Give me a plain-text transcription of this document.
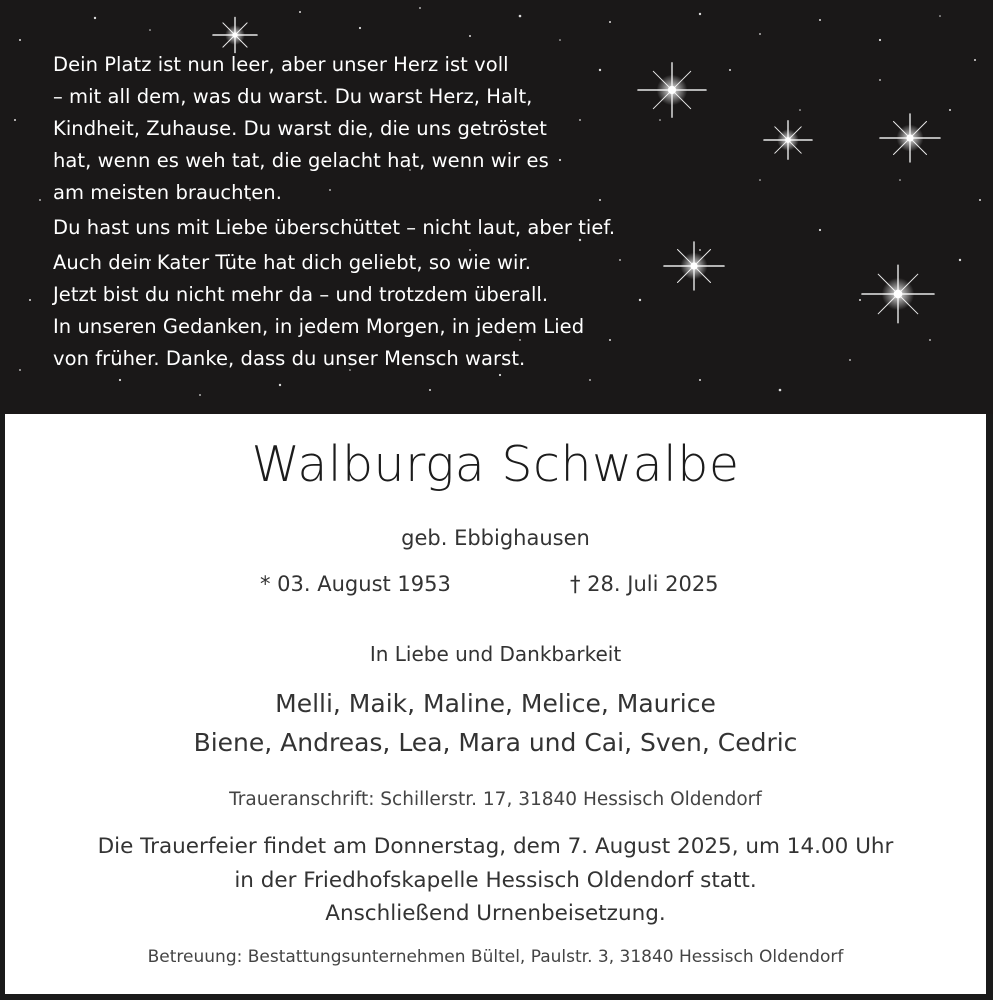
Dein Platz ist nun leer, aber unser Herz ist voll

– mit all dem, was du warst. Du warst Herz, Halt,

Kindheit, Zuhause. Du warst die, die uns getröstet

hat, wenn es weh tat, die gelacht hat, wenn wir es

am meisten brauchten.

Du hast uns mit Liebe überschüttet – nicht laut, aber tief.

Auch dein Kater Tüte hat dich geliebt, so wie wir.

Jetzt bist du nicht mehr da – und trotzdem überall.

In unseren Gedanken, in jedem Morgen, in jedem Lied

von früher. Danke, dass du unser Mensch warst.

Walburga Schwalbe
geb. Ebbighausen
* 03. August 1953	† 28. Juli 2025
In Liebe und Dankbarkeit
Melli, Maik, Maline, Melice, Maurice
Biene, Andreas, Lea, Mara und Cai, Sven, Cedric
Traueranschrift: Schillerstr. 17, 31840 Hessisch Oldendorf
Die Trauerfeier findet am Donnerstag, dem 7. August 2025, um 14.00 Uhr
in der Friedhofskapelle Hessisch Oldendorf statt.
Anschließend Urnenbeisetzung.
Betreuung: Bestattungsunternehmen Bültel, Paulstr. 3, 31840 Hessisch Oldendorf
